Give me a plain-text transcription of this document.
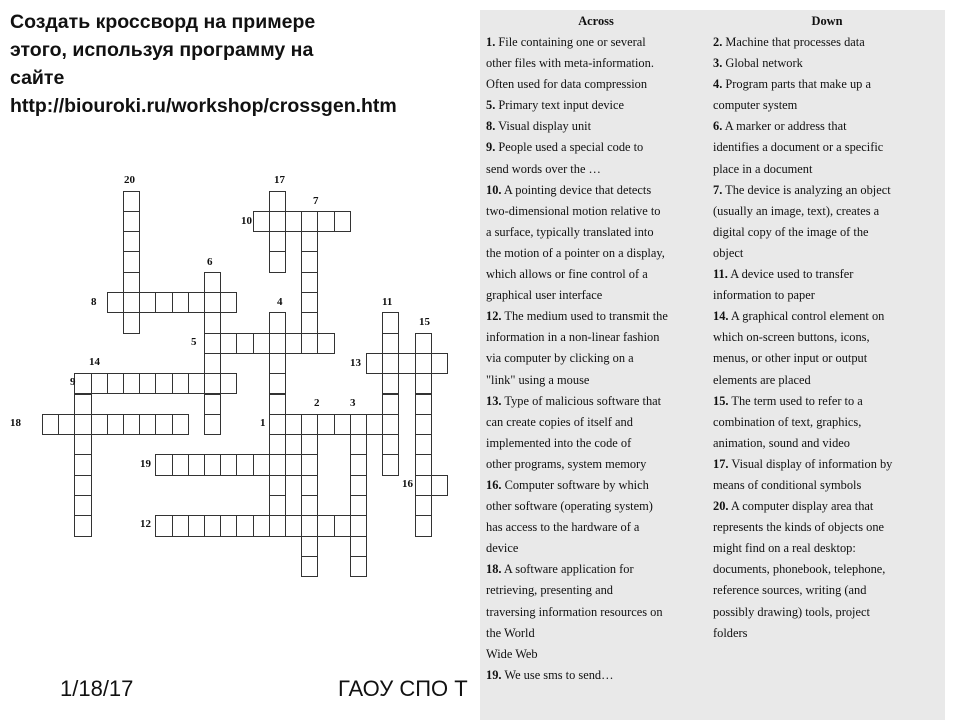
Создать кроссворд на примере
этого, используя программу на
сайте
http://biouroki.ru/workshop/crossgen.htm
20	17
7
10
6
8	4	11
15
5
14	13
9
2	3
18	1
19
16
12
Across
1. File containing one or several
other files with meta-information.
Often used for data compression
5. Primary text input device
8. Visual display unit
9. People used a special code to
send words over the …
10. A pointing device that detects
two-dimensional motion relative to
a surface, typically translated into
the motion of a pointer on a display,
which allows or fine control of a
graphical user interface
12. The medium used to transmit the
information in a non-linear fashion
via computer by clicking on a
"link" using a mouse
13. Type of malicious software that
can create copies of itself and
implemented into the code of
other programs, system memory
16. Computer software by which
other software (operating system)
has access to the hardware of a
device
18. A software application for
retrieving, presenting and
traversing information resources on
the World
Wide Web
19. We use sms to send…
Down
2. Machine that processes data
3. Global network
4. Program parts that make up a
computer system
6. A marker or address that
identifies a document or a specific
place in a document
7. The device is analyzing an object
(usually an image, text), creates a
digital copy of the image of the
object
11. A device used to transfer
information to paper
14. A graphical control element on
which on-screen buttons, icons,
menus, or other input or output
elements are placed
15. The term used to refer to a
combination of text, graphics,
animation, sound and video
17. Visual display of information by
means of conditional symbols
20. A computer display area that
represents the kinds of objects one
might find on a real desktop:
documents, phonebook, telephone,
reference sources, writing (and
possibly drawing) tools, project
folders
1/18/17	ГАОУ СПО Т
